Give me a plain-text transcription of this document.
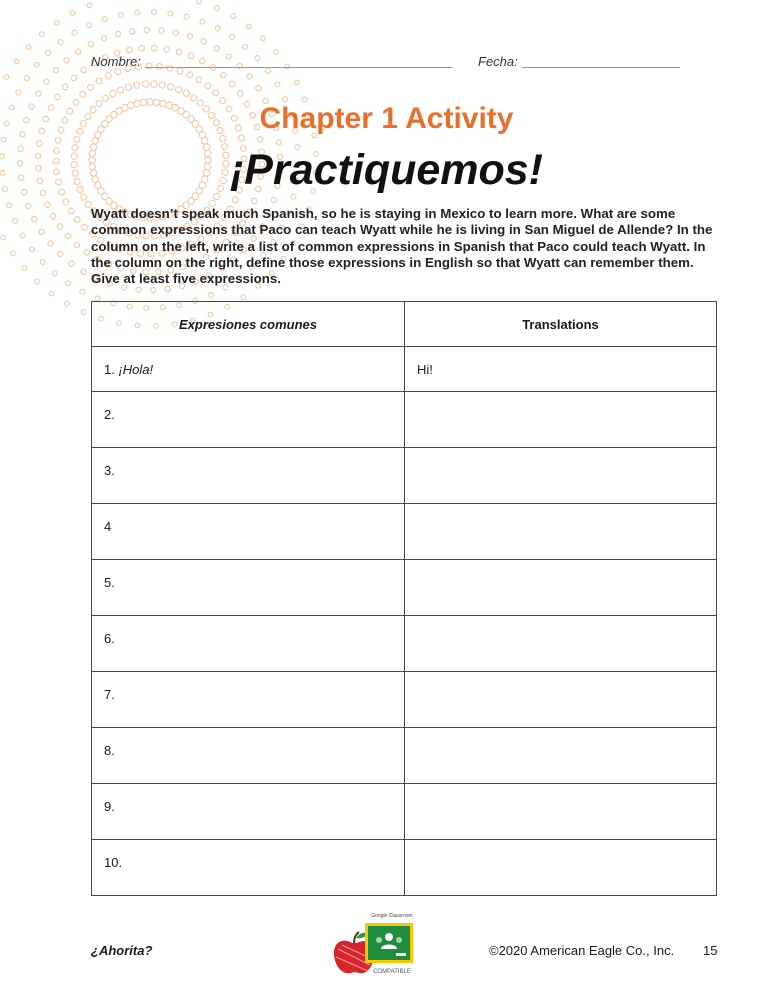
Nombre:	Fecha:
Chapter 1 Activity
¡Practiquemos!
Wyatt doesn’t speak much Spanish, so he is staying in Mexico to learn more. What are some common expressions that Paco can teach Wyatt while he is living in San Miguel de Allende? In the column on the left, write a list of common expressions in Spanish that Paco could teach Wyatt. In the column on the right, define those expressions in English so that Wyatt can remember them. Give at least five expressions.
Expresiones comunes	Translations
1. ¡Hola!	Hi!
2.	
3.	
4	
5.	
6.	
7.	
8.	
9.	
10.	
¿Ahorita?
Google Classroom
COMPATIBLE
©2020 American Eagle Co., Inc. 15
